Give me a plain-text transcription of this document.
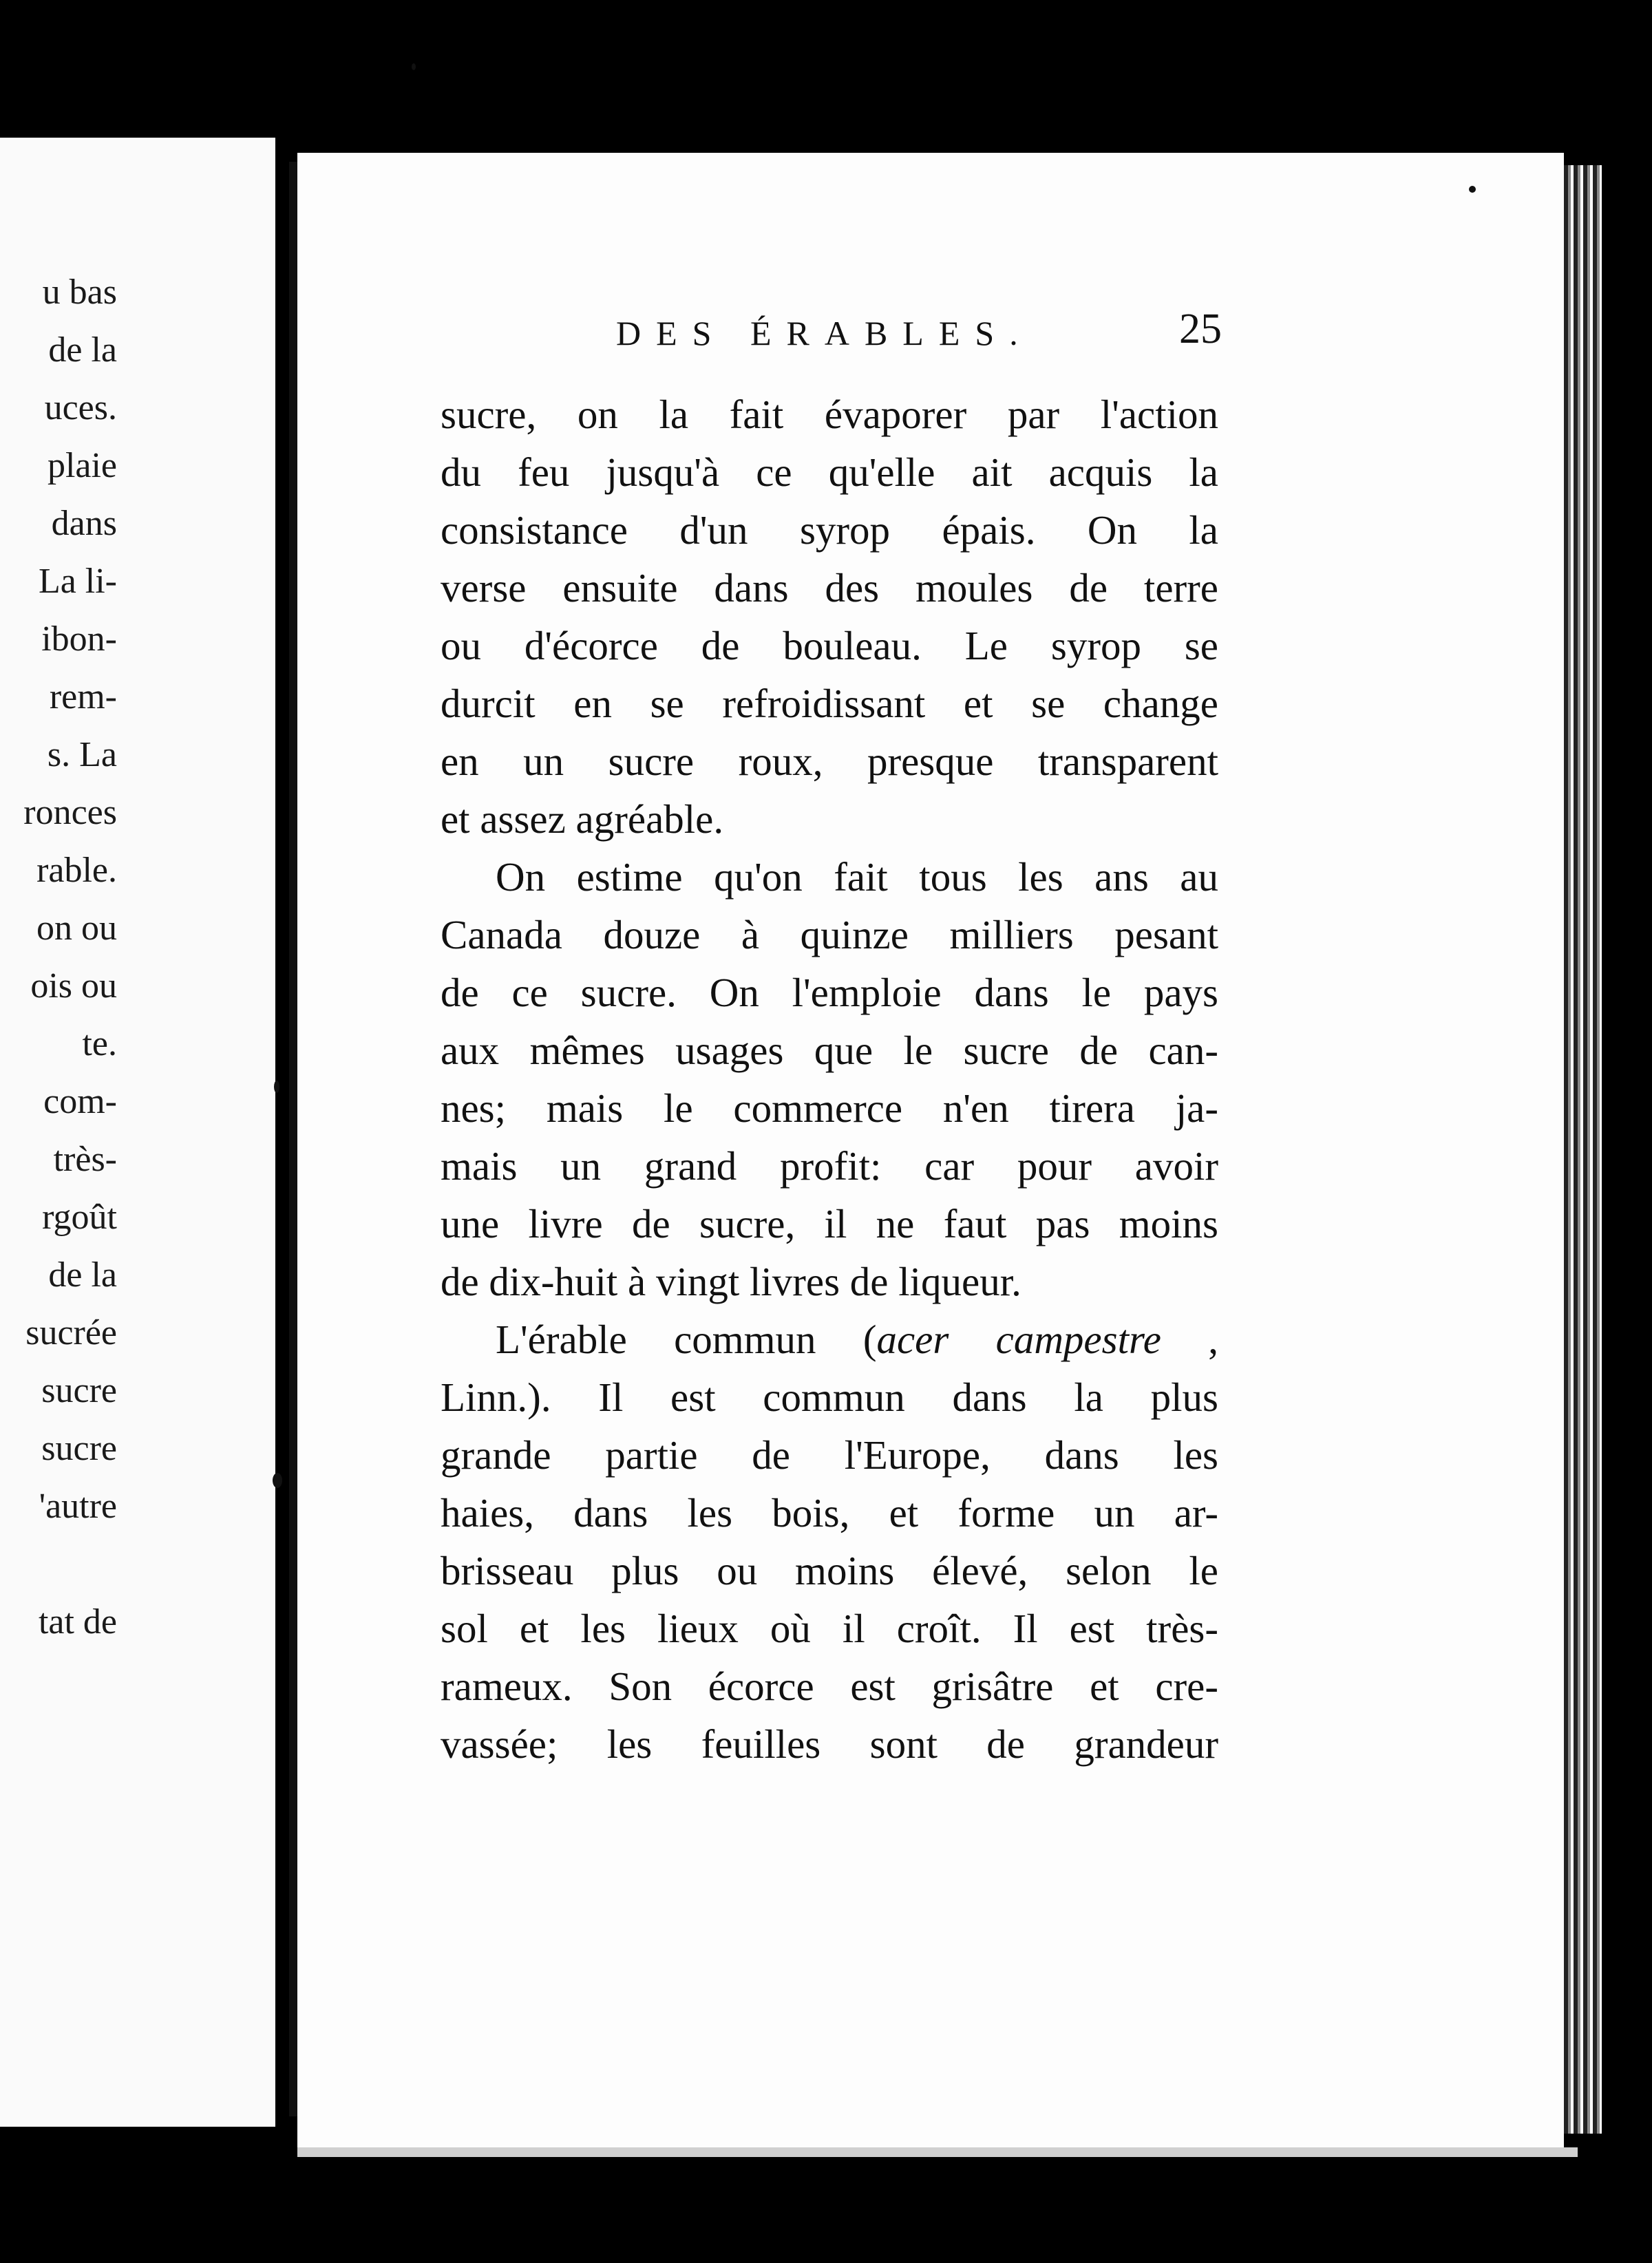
u bas
de la
uces.
plaie
dans
La li-
ibon-
rem-
s. La
ronces
rable.
on ou
ois ou
te.
com-
très-
rgoût
de la
sucrée
sucre
sucre
'autre
tat de
DES ÉRABLES.	25
sucre, on la fait évaporer par l'action
du feu jusqu'à ce qu'elle ait acquis la
consistance d'un syrop épais. On la
verse ensuite dans des moules de terre
ou d'écorce de bouleau. Le syrop se
durcit en se refroidissant et se change
en un sucre roux, presque transparent
et assez agréable.
On estime qu'on fait tous les ans au
Canada douze à quinze milliers pesant
de ce sucre. On l'emploie dans le pays
aux mêmes usages que le sucre de can-
nes; mais le commerce n'en tirera ja-
mais un grand profit: car pour avoir
une livre de sucre, il ne faut pas moins
de dix-huit à vingt livres de liqueur.
L'érable commun (acer campestre ,
Linn.). Il est commun dans la plus
grande partie de l'Europe, dans les
haies, dans les bois, et forme un ar-
brisseau plus ou moins élevé, selon le
sol et les lieux où il croît. Il est très-
rameux. Son écorce est grisâtre et cre-
vassée; les feuilles sont de grandeur
